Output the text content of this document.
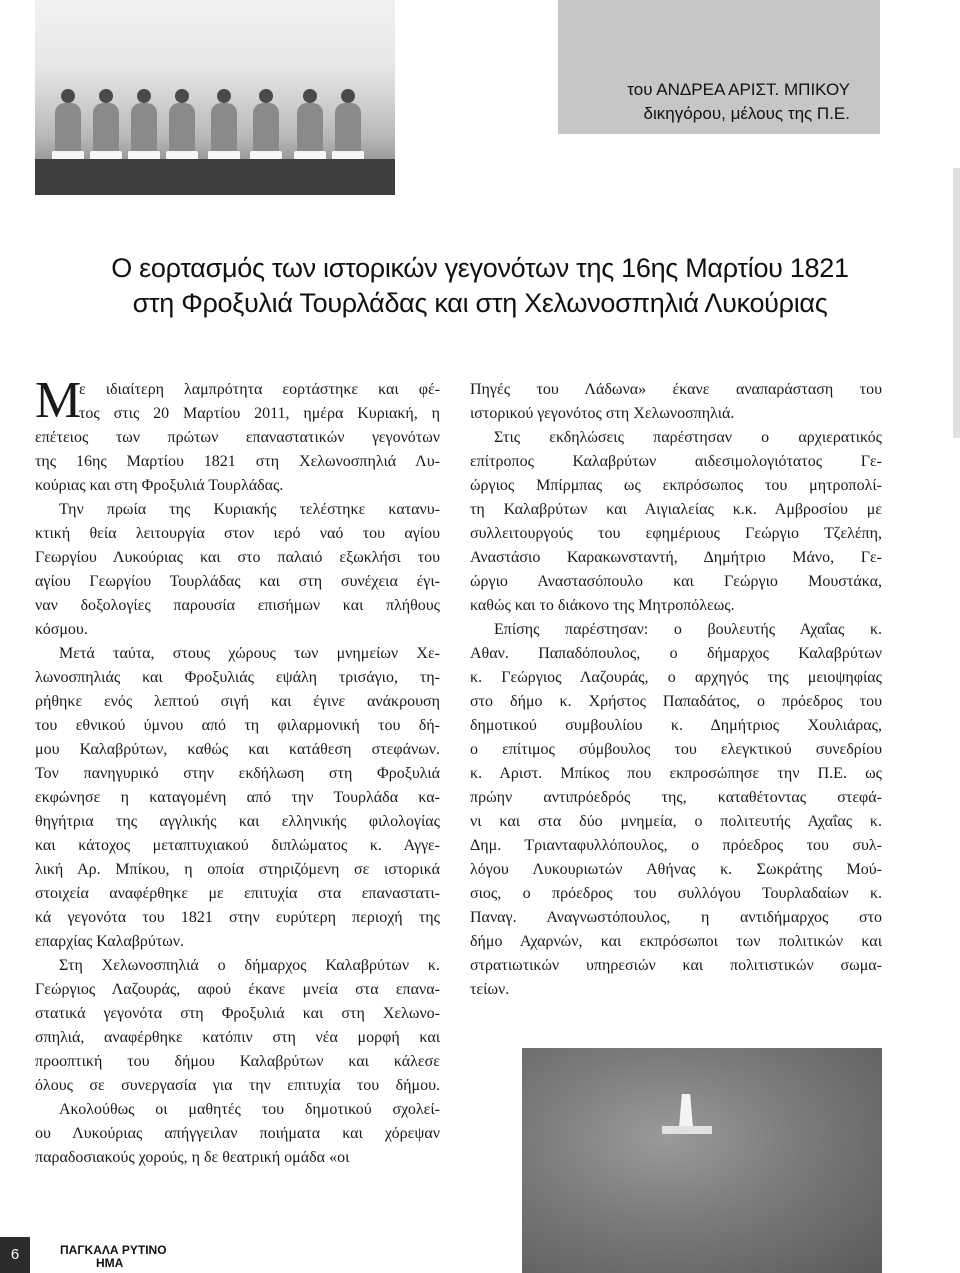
του ΑΝΔΡΕΑ ΑΡΙΣΤ. ΜΠΙΚΟΥ
δικηγόρου, μέλους της Π.Ε.
Ο εορτασμός των ιστορικών γεγονότων της 16ης Μαρτίου 1821
στη Φροξυλιά Τουρλάδας και στη Χελωνοσπηλιά Λυκούριας
Μ
ε ιδιαίτερη λαμπρότητα εορτάστηκε και φέ-
τος στις 20 Μαρτίου 2011, ημέρα Κυριακή, η
επέτειος των πρώτων επαναστατικών γεγονότων
της 16ης Μαρτίου 1821 στη Χελωνοσπηλιά Λυ-
κούριας και στη Φροξυλιά Τουρλάδας.
Την πρωία της Κυριακής τελέστηκε κατανυ-
κτική θεία λειτουργία στον ιερό ναό του αγίου
Γεωργίου Λυκούριας και στο παλαιό εξωκλήσι του
αγίου Γεωργίου Τουρλάδας και στη συνέχεια έγι-
ναν δοξολογίες παρουσία επισήμων και πλήθους
κόσμου.
Μετά ταύτα, στους χώρους των μνημείων Χε-
λωνοσπηλιάς και Φροξυλιάς εψάλη τρισάγιο, τη-
ρήθηκε ενός λεπτού σιγή και έγινε ανάκρουση
του εθνικού ύμνου από τη φιλαρμονική του δή-
μου Καλαβρύτων, καθώς και κατάθεση στεφάνων.
Τον πανηγυρικό στην εκδήλωση στη Φροξυλιά
εκφώνησε η καταγομένη από την Τουρλάδα κα-
θηγήτρια της αγγλικής και ελληνικής φιλολογίας
και κάτοχος μεταπτυχιακού διπλώματος κ. Αγγε-
λική Αρ. Μπίκου, η οποία στηριζόμενη σε ιστορικά
στοιχεία αναφέρθηκε με επιτυχία στα επαναστατι-
κά γεγονότα του 1821 στην ευρύτερη περιοχή της
επαρχίας Καλαβρύτων.
Στη Χελωνοσπηλιά ο δήμαρχος Καλαβρύτων κ.
Γεώργιος Λαζουράς, αφού έκανε μνεία στα επανα-
στατικά γεγονότα στη Φροξυλιά και στη Χελωνο-
σπηλιά, αναφέρθηκε κατόπιν στη νέα μορφή και
προοπτική του δήμου Καλαβρύτων και κάλεσε
όλους σε συνεργασία για την επιτυχία του δήμου.
Ακολούθως οι μαθητές του δημοτικού σχολεί-
ου Λυκούριας απήγγειλαν ποιήματα και χόρεψαν
παραδοσιακούς χορούς, η δε θεατρική ομάδα «οι
Πηγές του Λάδωνα» έκανε αναπαράσταση του
ιστορικού γεγονότος στη Χελωνοσπηλιά.
Στις εκδηλώσεις παρέστησαν ο αρχιερατικός
επίτροπος Καλαβρύτων αιδεσιμολογιότατος Γε-
ώργιος Μπίρμπας ως εκπρόσωπος του μητροπολί-
τη Καλαβρύτων και Αιγιαλείας κ.κ. Αμβροσίου με
συλλειτουργούς του εφημέριους Γεώργιο Τζελέπη,
Αναστάσιο Καρακωνσταντή, Δημήτριο Μάνο, Γε-
ώργιο Αναστασόπουλο και Γεώργιο Μουστάκα,
καθώς και το διάκονο της Μητροπόλεως.
Επίσης παρέστησαν: ο βουλευτής Αχαΐας κ.
Αθαν. Παπαδόπουλος, ο δήμαρχος Καλαβρύτων
κ. Γεώργιος Λαζουράς, ο αρχηγός της μειοψηφίας
στο δήμο κ. Χρήστος Παπαδάτος, ο πρόεδρος του
δημοτικού συμβουλίου κ. Δημήτριος Χουλιάρας,
ο επίτιμος σύμβουλος του ελεγκτικού συνεδρίου
κ. Αριστ. Μπίκος που εκπροσώπησε την Π.Ε. ως
πρώην αντιπρόεδρός της, καταθέτοντας στεφά-
νι και στα δύο μνημεία, ο πολιτευτής Αχαΐας κ.
Δημ. Τριανταφυλλόπουλος, ο πρόεδρος του συλ-
λόγου Λυκουριωτών Αθήνας κ. Σωκράτης Μού-
σιος, ο πρόεδρος του συλλόγου Τουρλαδαίων κ.
Παναγ. Αναγνωστόπουλος, η αντιδήμαρχος στο
δήμο Αχαρνών, και εκπρόσωποι των πολιτικών και
στρατιωτικών υπηρεσιών και πολιτιστικών σωμα-
τείων.
6	ΠΑΓΚΑΛΑ ΡΥΤΙΝΟ
ΗΜΑ
